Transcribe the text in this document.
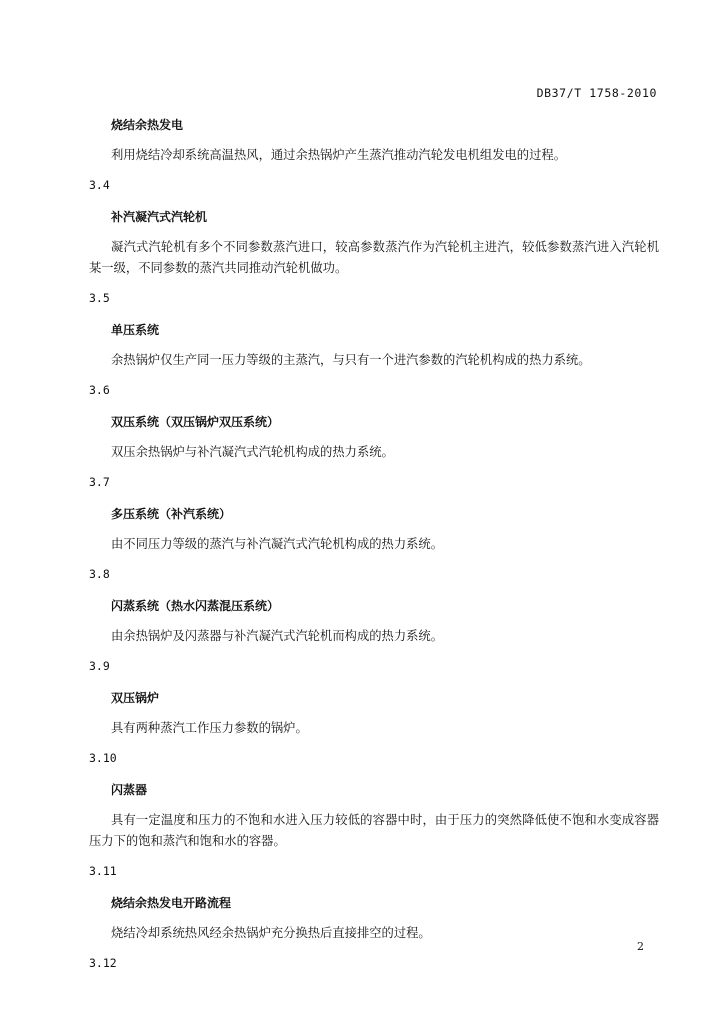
DB37/T 1758-2010
烧结余热发电

利用烧结冷却系统高温热风，通过余热锅炉产生蒸汽推动汽轮发电机组发电的过程。

3.4
补汽凝汽式汽轮机

凝汽式汽轮机有多个不同参数蒸汽进口，较高参数蒸汽作为汽轮机主进汽，较低参数蒸汽进入汽轮机某一级，不同参数的蒸汽共同推动汽轮机做功。

3.5
单压系统

余热锅炉仅生产同一压力等级的主蒸汽，与只有一个进汽参数的汽轮机构成的热力系统。

3.6
双压系统（双压锅炉双压系统）

双压余热锅炉与补汽凝汽式汽轮机构成的热力系统。

3.7
多压系统（补汽系统）

由不同压力等级的蒸汽与补汽凝汽式汽轮机构成的热力系统。

3.8
闪蒸系统（热水闪蒸混压系统）

由余热锅炉及闪蒸器与补汽凝汽式汽轮机而构成的热力系统。

3.9
双压锅炉

具有两种蒸汽工作压力参数的锅炉。

3.10
闪蒸器

具有一定温度和压力的不饱和水进入压力较低的容器中时，由于压力的突然降低使不饱和水变成容器压力下的饱和蒸汽和饱和水的容器。

3.11
烧结余热发电开路流程

烧结冷却系统热风经余热锅炉充分换热后直接排空的过程。

3.12
2
